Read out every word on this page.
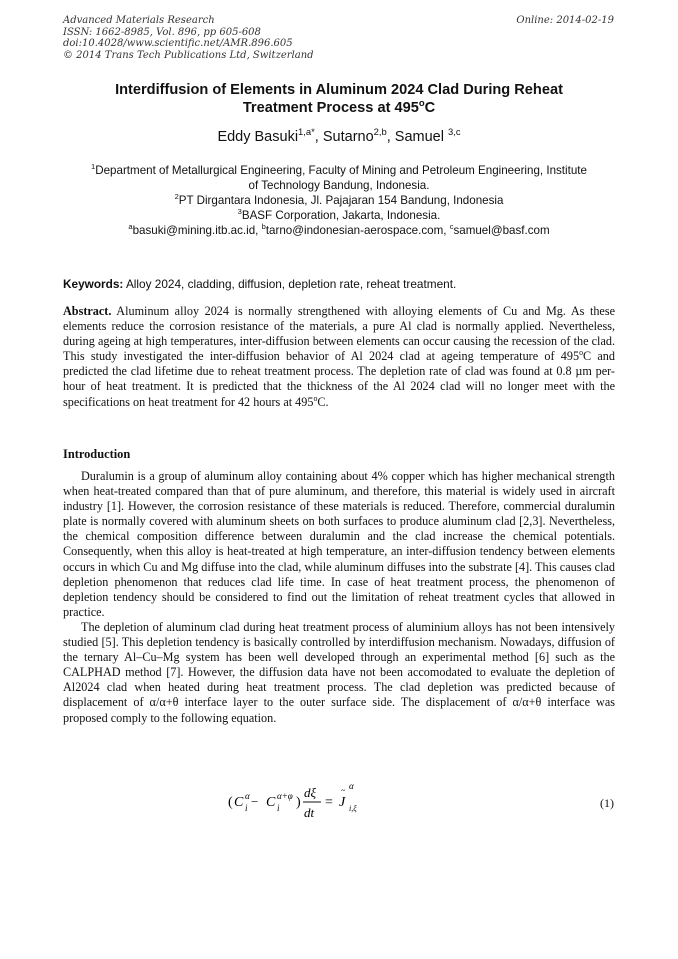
Advanced Materials Research
ISSN: 1662-8985, Vol. 896, pp 605-608
doi:10.4028/www.scientific.net/AMR.896.605
© 2014 Trans Tech Publications Ltd, Switzerland
Online: 2014-02-19
Interdiffusion of Elements in Aluminum 2024 Clad During Reheat
Treatment Process at 495$^o$C
Eddy Basuki$^{1,a*}$, Sutarno$^{2,b}$, Samuel $^{3,c}$
$^1$Department of Metallurgical Engineering, Faculty of Mining and Petroleum Engineering, Institute
of Technology Bandung, Indonesia.
$^2$PT Dirgantara Indonesia, Jl. Pajajaran 154 Bandung, Indonesia
$^3$BASF Corporation, Jakarta, Indonesia.
$^a$basuki@mining.itb.ac.id, $^b$tarno@indonesian-aerospace.com, $^c$samuel@basf.com
Keywords: Alloy 2024, cladding, diffusion, depletion rate, reheat treatment.
Abstract. Aluminum alloy 2024 is normally strengthened with alloying elements of Cu and Mg. As these elements reduce the corrosion resistance of the materials, a pure Al clad is normally applied. Nevertheless, during ageing at high temperatures, inter-diffusion between elements can occur causing the recession of the clad. This study investigated the inter-diffusion behavior of Al 2024 clad at ageing temperature of 495$^o$C and predicted the clad lifetime due to reheat treatment process. The depletion rate of clad was found at 0.8 µm per-hour of heat treatment. It is predicted that the thickness of the Al 2024 clad will no longer meet with the specifications on heat treatment for 42 hours at 495$^o$C.
Introduction

Duralumin is a group of aluminum alloy containing about 4% copper which has higher mechanical strength when heat-treated compared than that of pure aluminum, and therefore, this material is widely used in aircraft industry [1]. However, the corrosion resistance of these materials is reduced. Therefore, commercial duralumin plate is normally covered with aluminum sheets on both surfaces to produce aluminum clad [2,3]. Nevertheless, the chemical composition difference between duralumin and the clad increase the chemical potentials. Consequently, when this alloy is heat-treated at high temperature, an inter-diffusion tendency between elements occurs in which Cu and Mg diffuse into the clad, while aluminum diffuses into the substrate [4]. This causes clad depletion phenomenon that reduces clad life time. In case of heat treatment process, the phenomenon of depletion tendency should be considered to find out the limitation of reheat treatment cycles that allowed in practice.

The depletion of aluminum clad during heat treatment process of aluminium alloys has not been intensively studied [5]. This depletion tendency is basically controlled by interdiffusion mechanism. Nowadays, diffusion of the ternary Al–Cu–Mg system has been well developed through an experimental method [6] such as the CALPHAD method [7]. However, the diffusion data have not been accomodated to evaluate the depletion of Al2024 clad when heated during heat treatment process. The clad depletion was predicted because of displacement of α/α+θ interface layer to the outer surface side. The displacement of α/α+θ interface was proposed comply to the following equation.

( C α
i − C α+φ
i )
dξ
dt
= J
~ α
i,ξ	(1)
